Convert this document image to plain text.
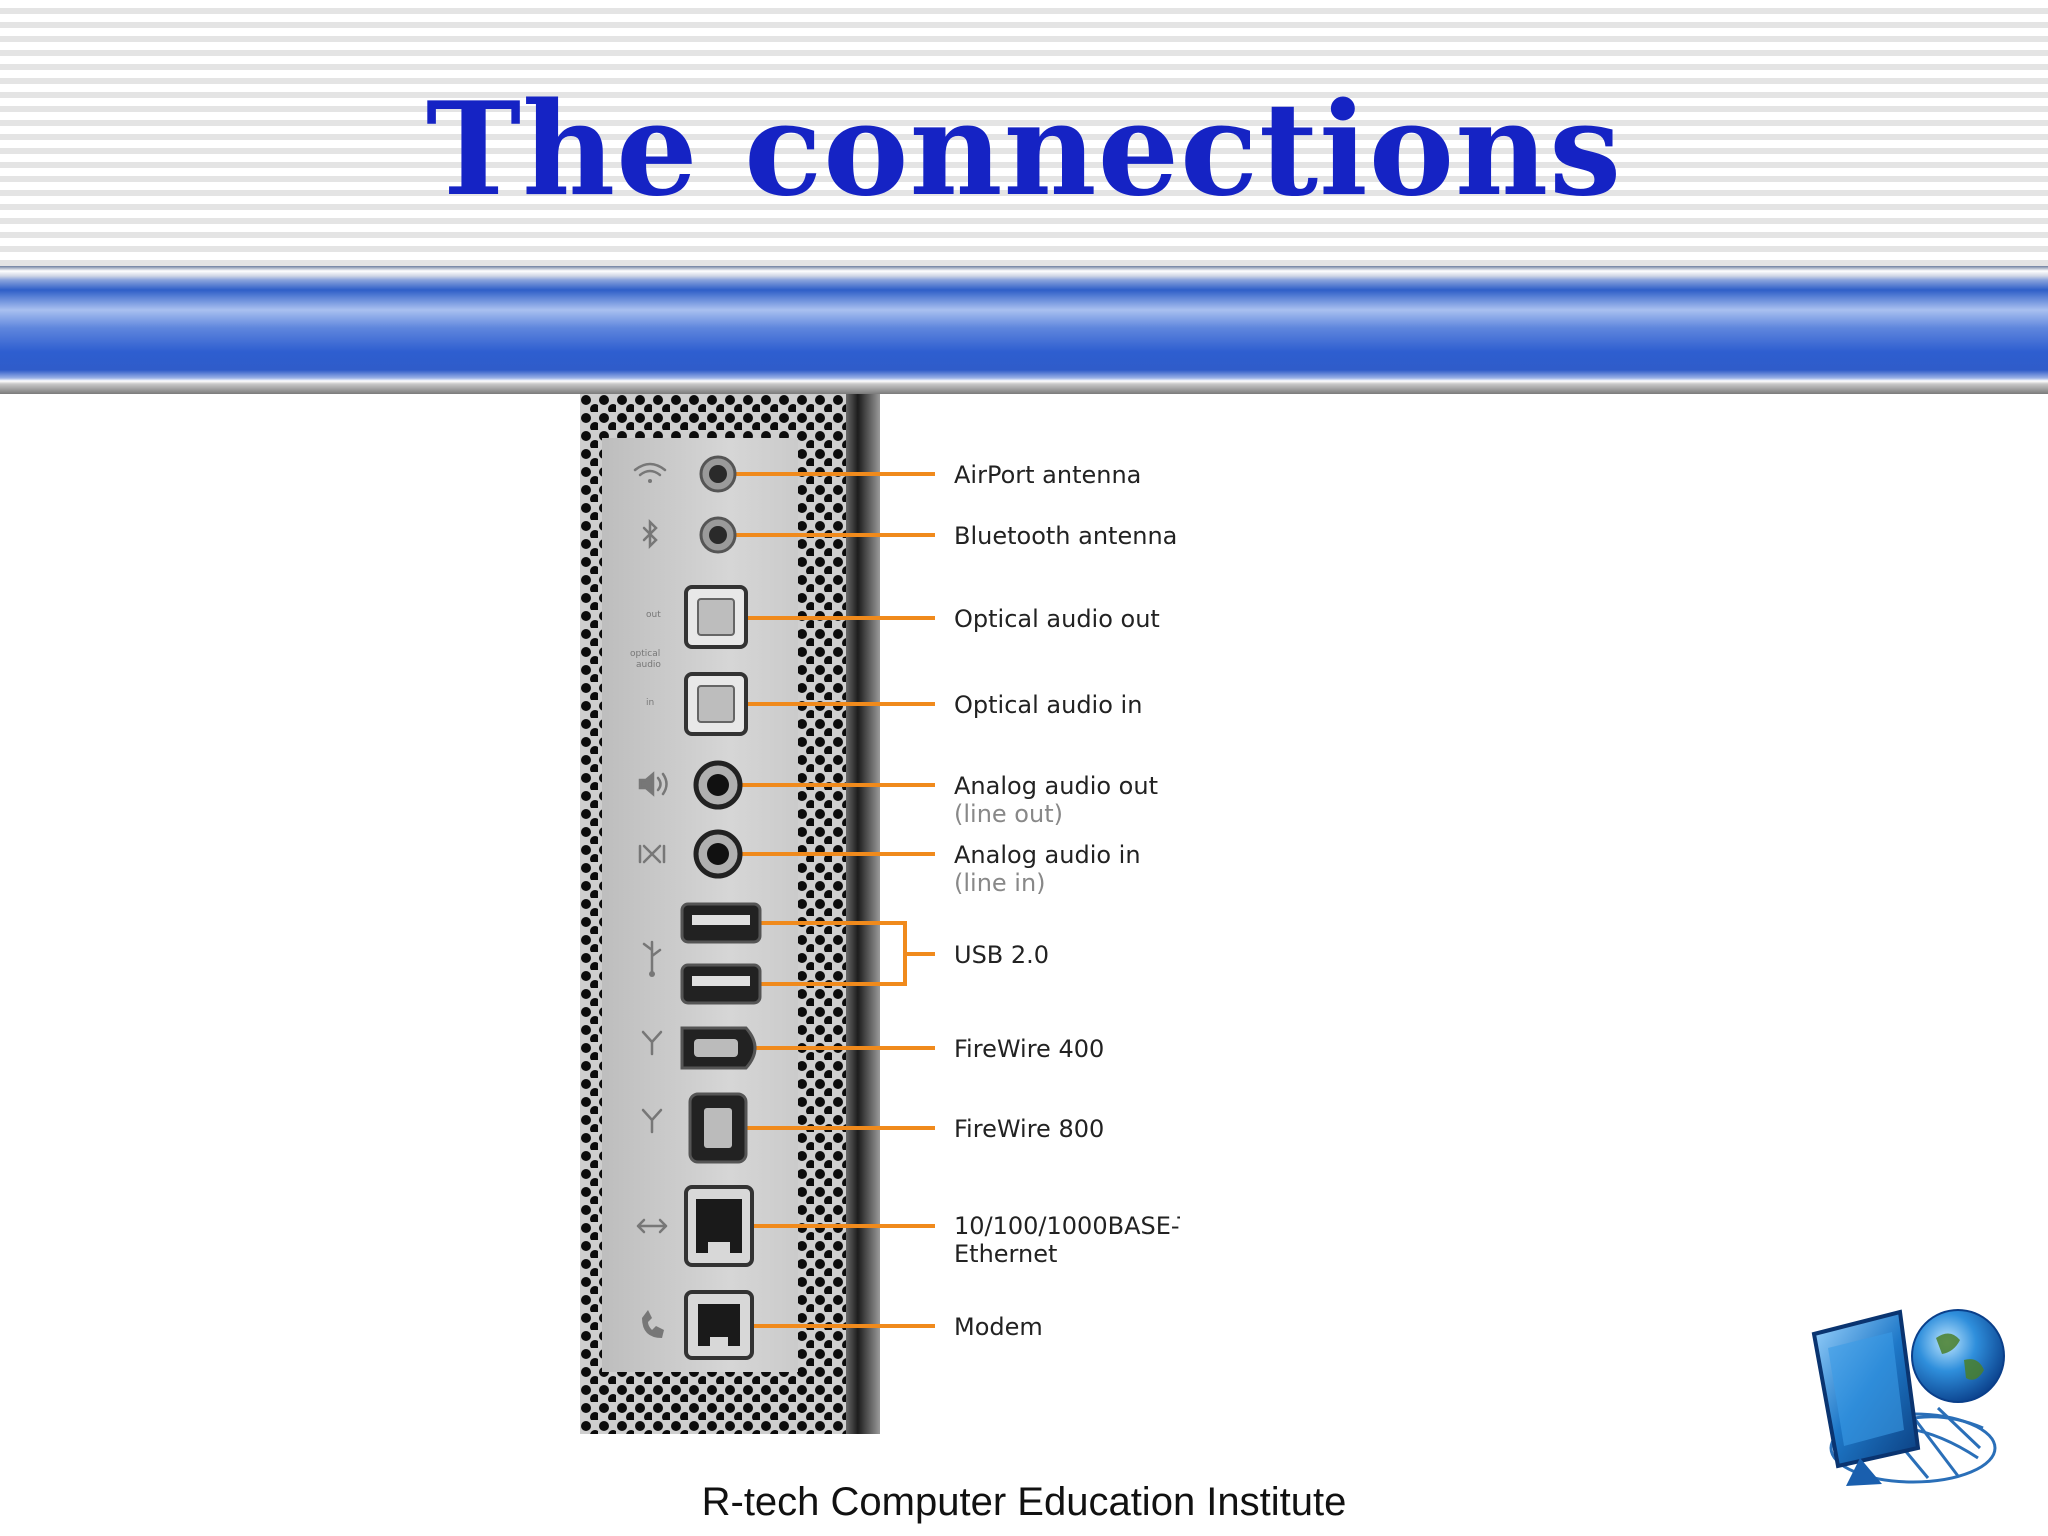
The connections
out
optical
audio
in
AirPort antenna
Bluetooth antenna
Optical audio out
Optical audio in
Analog audio out
(line out)
Analog audio in
(line in)
USB 2.0
FireWire 400
FireWire 800
10/100/1000BASE-T
Ethernet
Modem
R-tech Computer Education Institute
